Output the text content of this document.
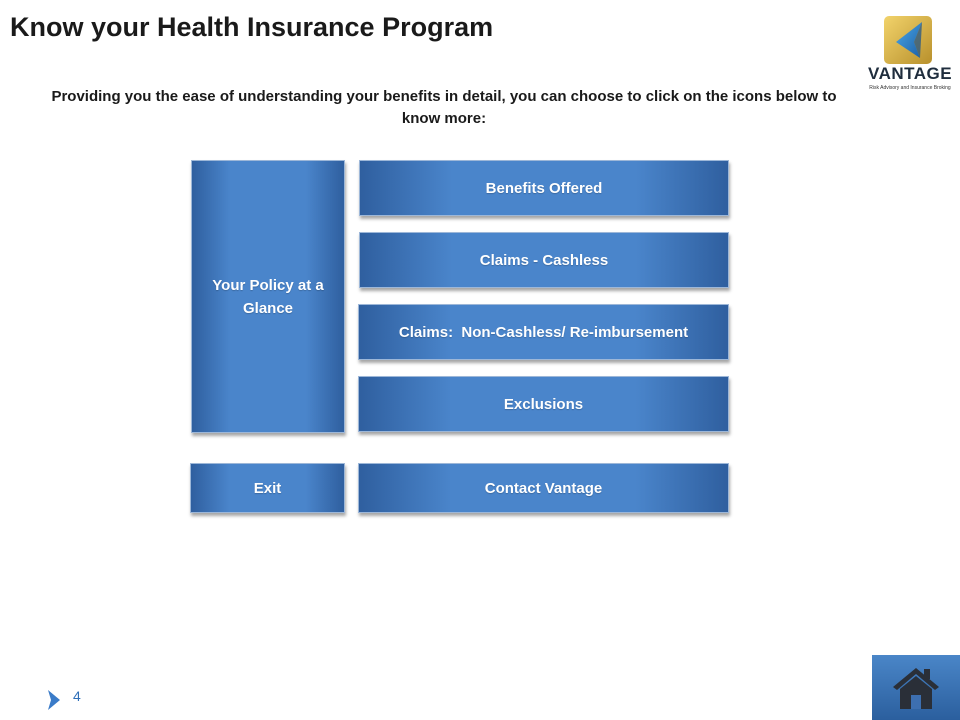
Know your Health Insurance Program
VANTAGE
Risk Advisory and Insurance Broking
Providing you the ease of understanding your benefits in detail, you can choose to click on the icons below to know more:
Your Policy at a Glance
Benefits Offered
Claims - Cashless
Claims:  Non-Cashless/ Re-imbursement
Exclusions
Exit	Contact Vantage
4
